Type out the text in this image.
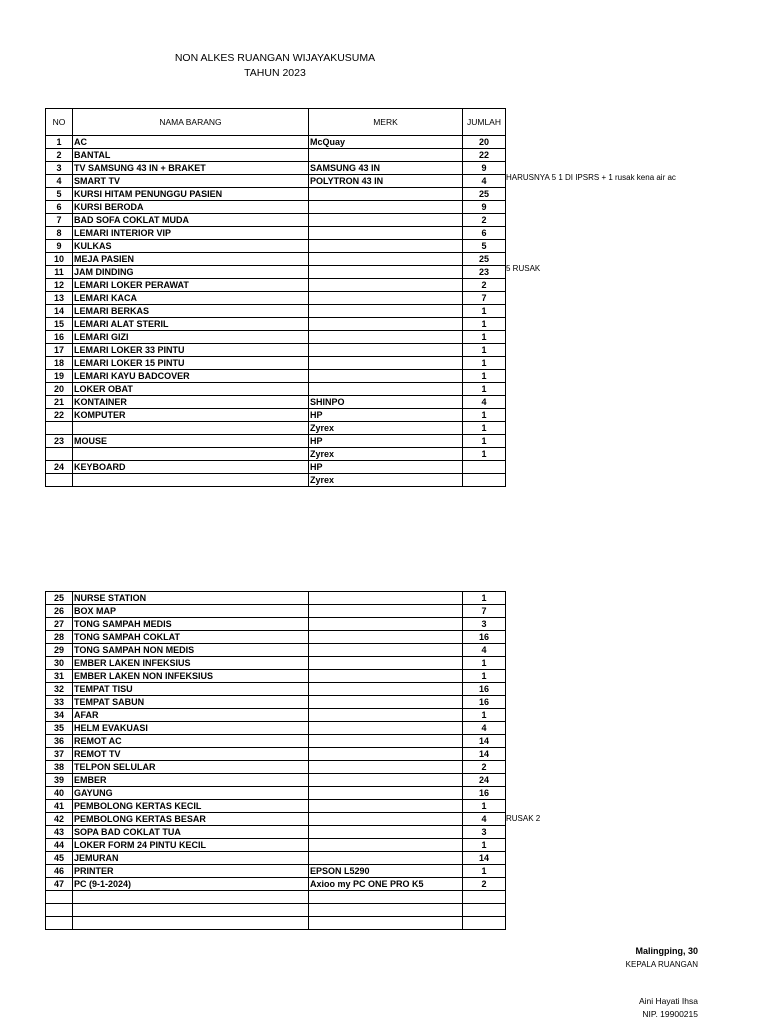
NON ALKES RUANGAN WIJAYAKUSUMA
TAHUN 2023
NO	NAMA BARANG	MERK	JUMLAH
1	AC	McQuay	20
2	BANTAL		22
3	TV SAMSUNG 43 IN + BRAKET	SAMSUNG 43 IN	9
4	SMART TV	POLYTRON 43 IN	4
5	KURSI HITAM PENUNGGU PASIEN		25
6	KURSI BERODA		9
7	BAD SOFA COKLAT MUDA		2
8	LEMARI INTERIOR VIP		6
9	KULKAS		5
10	MEJA PASIEN		25
11	JAM DINDING		23
12	LEMARI LOKER PERAWAT		2
13	LEMARI KACA		7
14	LEMARI BERKAS		1
15	LEMARI ALAT STERIL		1
16	LEMARI GIZI		1
17	LEMARI LOKER 33 PINTU		1
18	LEMARI LOKER 15 PINTU		1
19	LEMARI KAYU BADCOVER		1
20	LOKER OBAT		1
21	KONTAINER	SHINPO	4
22	KOMPUTER	HP	1
		Zyrex	1
23	MOUSE	HP	1
		Zyrex	1
24	KEYBOARD	HP	
		Zyrex	
25	NURSE STATION		1
26	BOX MAP		7
27	TONG SAMPAH MEDIS		3
28	TONG SAMPAH COKLAT		16
29	TONG SAMPAH NON MEDIS		4
30	EMBER LAKEN INFEKSIUS		1
31	EMBER LAKEN NON INFEKSIUS		1
32	TEMPAT TISU		16
33	TEMPAT SABUN		16
34	AFAR		1
35	HELM EVAKUASI		4
36	REMOT AC		14
37	REMOT TV		14
38	TELPON SELULAR		2
39	EMBER		24
40	GAYUNG		16
41	PEMBOLONG KERTAS KECIL		1
42	PEMBOLONG KERTAS BESAR		4
43	SOPA BAD COKLAT TUA		3
44	LOKER FORM 24 PINTU KECIL		1
45	JEMURAN		14
46	PRINTER	EPSON L5290	1
47	PC (9-1-2024)	Axioo my PC ONE PRO K5	2

HARUSNYA 5 1 DI IPSRS + 1 rusak kena air ac
5 RUSAK
RUSAK 2
Malingping, 30
KEPALA RUANGAN
Aini Hayati Ihsa
NIP. 19900215
